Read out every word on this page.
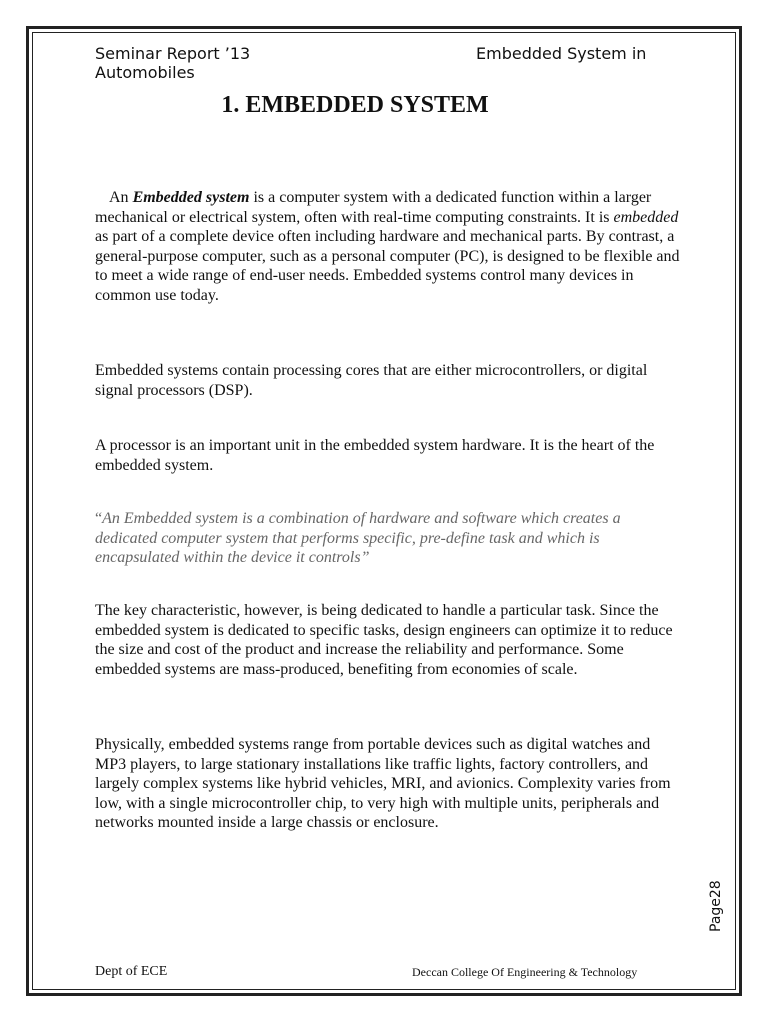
Seminar Report ’13
Automobiles
Embedded System in
1. EMBEDDED SYSTEM

An Embedded system is a computer system with a dedicated function within a larger mechanical or electrical system, often with real-time computing constraints. It is embedded as part of a complete device often including hardware and mechanical parts. By contrast, a general-purpose computer, such as a personal computer (PC), is designed to be flexible and to meet a wide range of end-user needs. Embedded systems control many devices in common use today.

Embedded systems contain processing cores that are either microcontrollers, or digital signal processors (DSP).

A processor is an important unit in the embedded system hardware. It is the heart of the embedded system.

“An Embedded system is a combination of hardware and software which creates a dedicated computer system that performs specific, pre-define task and which is encapsulated within the device it controls”

The key characteristic, however, is being dedicated to handle a particular task. Since the embedded system is dedicated to specific tasks, design engineers can optimize it to reduce the size and cost of the product and increase the reliability and performance. Some embedded systems are mass-produced, benefiting from economies of scale.

Physically, embedded systems range from portable devices such as digital watches and MP3 players, to large stationary installations like traffic lights, factory controllers, and largely complex systems like hybrid vehicles, MRI, and avionics. Complexity varies from low, with a single microcontroller chip, to very high with multiple units, peripherals and networks mounted inside a large chassis or enclosure.

Page28
Dept of ECE	Deccan College Of Engineering & Technology
